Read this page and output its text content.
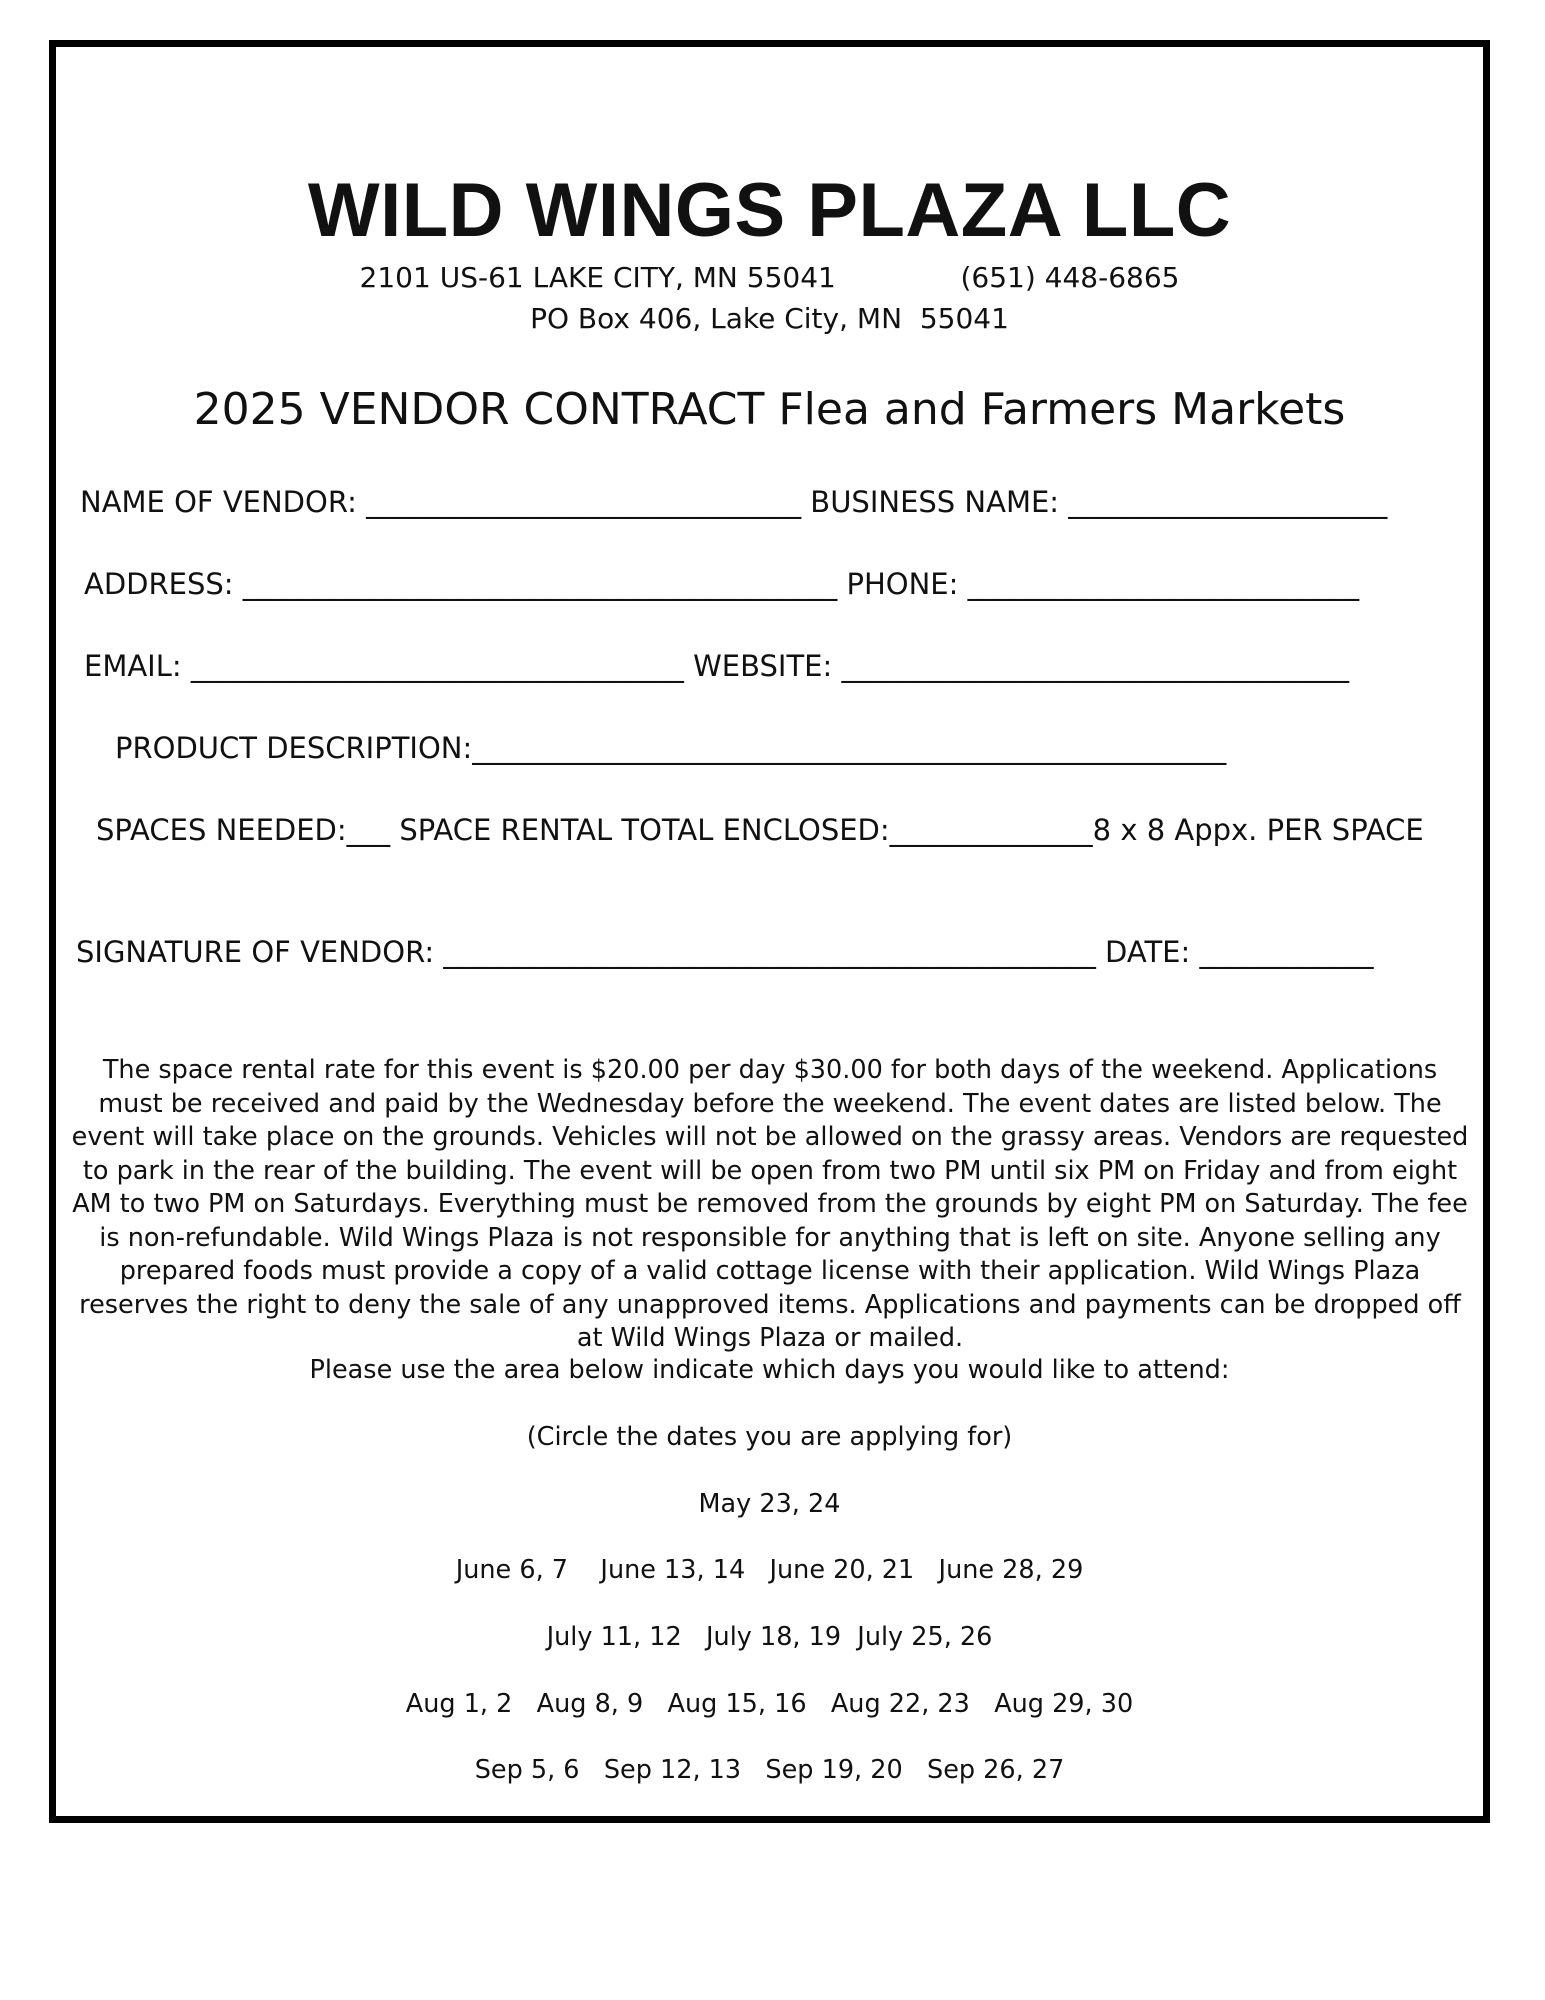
WILD WINGS PLAZA LLC
2101 US-61 LAKE CITY, MN 55041              (651) 448-6865
PO Box 406, Lake City, MN  55041
2025 VENDOR CONTRACT Flea and Farmers Markets
NAME OF VENDOR: ______________________________ BUSINESS NAME: ______________________
ADDRESS: _________________________________________ PHONE: ___________________________
EMAIL: __________________________________ WEBSITE: ___________________________________
PRODUCT DESCRIPTION:____________________________________________________
SPACES NEEDED:___ SPACE RENTAL TOTAL ENCLOSED:______________8 x 8 Appx. PER SPACE
SIGNATURE OF VENDOR: _____________________________________________ DATE: ____________
The space rental rate for this event is $20.00 per day $30.00 for both days of the weekend. Applications must be received and paid by the Wednesday before the weekend. The event dates are listed below. The event will take place on the grounds. Vehicles will not be allowed on the grassy areas. Vendors are requested to park in the rear of the building. The event will be open from two PM until six PM on Friday and from eight AM to two PM on Saturdays. Everything must be removed from the grounds by eight PM on Saturday. The fee is non-refundable. Wild Wings Plaza is not responsible for anything that is left on site. Anyone selling any prepared foods must provide a copy of a valid cottage license with their application. Wild Wings Plaza reserves the right to deny the sale of any unapproved items. Applications and payments can be dropped off at Wild Wings Plaza or mailed.
Please use the area below indicate which days you would like to attend:
(Circle the dates you are applying for)
May 23, 24
June 6, 7    June 13, 14   June 20, 21   June 28, 29
July 11, 12   July 18, 19  July 25, 26
Aug 1, 2   Aug 8, 9   Aug 15, 16   Aug 22, 23   Aug 29, 30
Sep 5, 6   Sep 12, 13   Sep 19, 20   Sep 26, 27
